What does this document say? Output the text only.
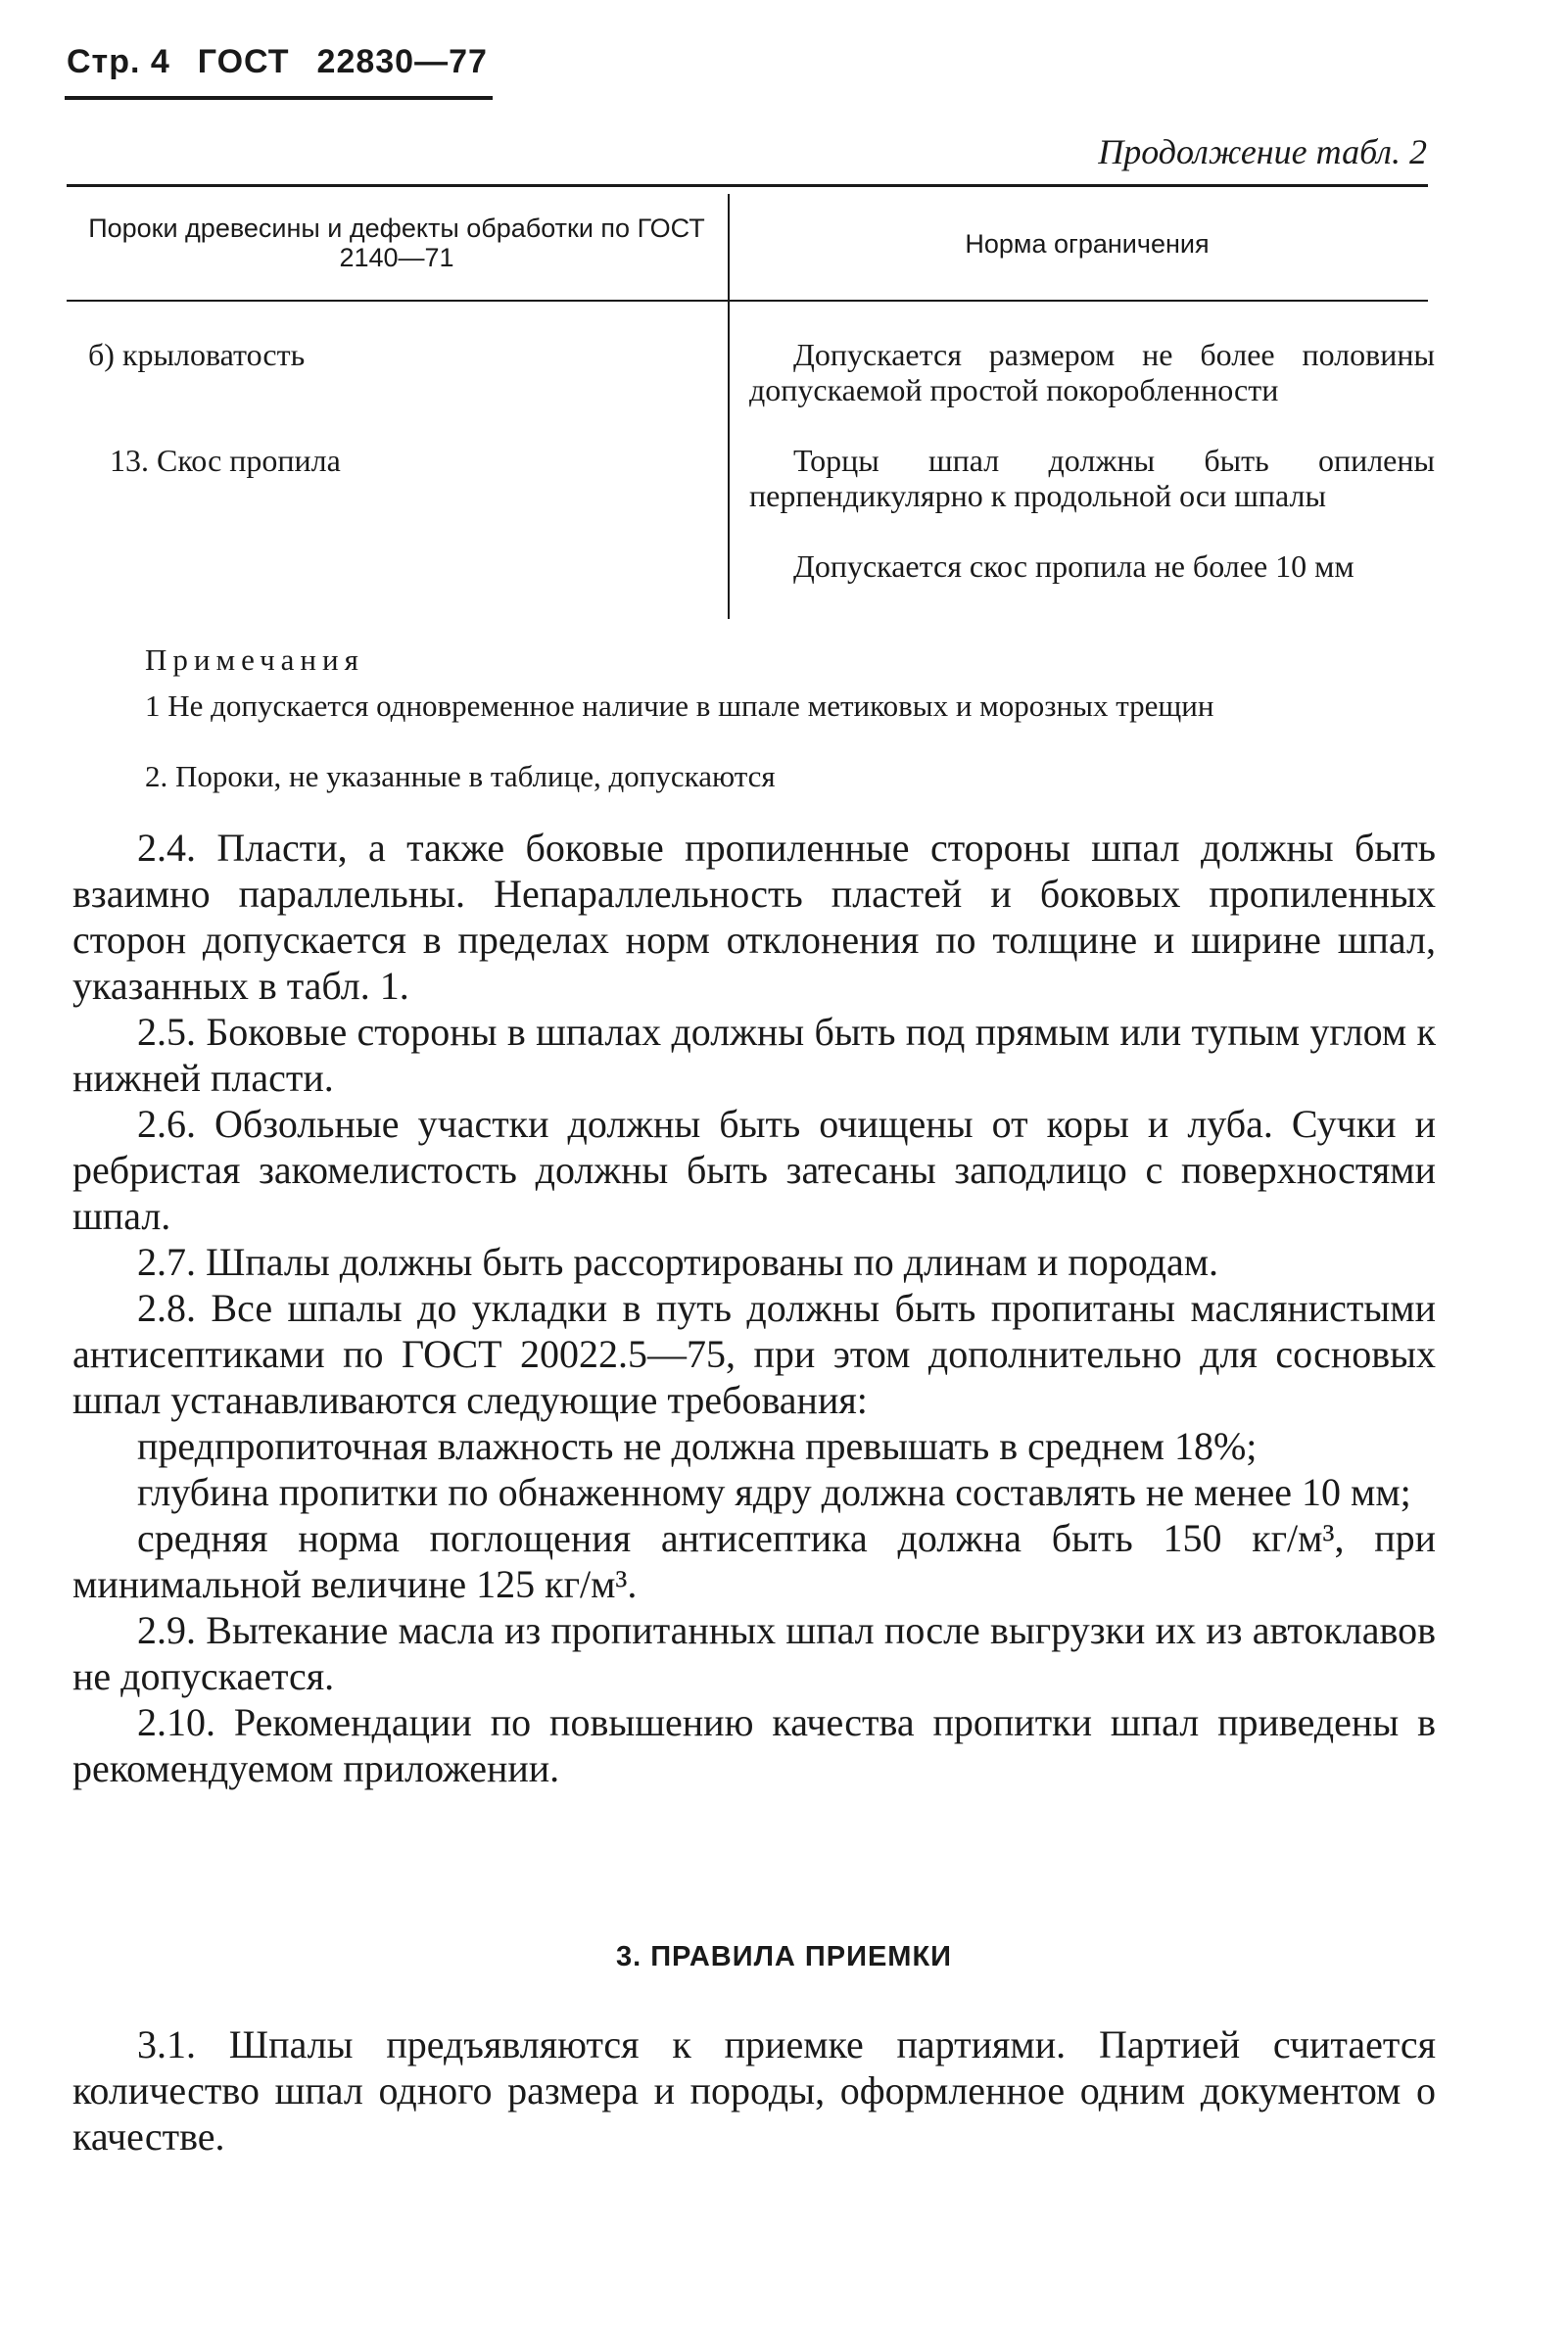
Стр. 4 ГОСТ 22830—77
Продолжение табл. 2
Пороки древесины и дефекты обработки по ГОСТ 2140—71	Норма ограничения
б) крыловатость
13. Скос пропила

Допускается размером не более половины допускаемой простой покоробленности

Торцы шпал должны быть опилены перпендикулярно к продольной оси шпалы

Допускается скос пропила не более 10 мм

Примечания

1 Не допускается одновременное наличие в шпале метиковых и морозных трещин

2. Пороки, не указанные в таблице, допускаются

2.4. Пласти, а также боковые пропиленные стороны шпал должны быть взаимно параллельны. Непараллельность пластей и боковых пропиленных сторон допускается в пределах норм отклонения по толщине и ширине шпал, указанных в табл. 1.

2.5. Боковые стороны в шпалах должны быть под прямым или тупым углом к нижней пласти.

2.6. Обзольные участки должны быть очищены от коры и луба. Сучки и ребристая закомелистость должны быть затесаны заподлицо с поверхностями шпал.

2.7. Шпалы должны быть рассортированы по длинам и породам.

2.8. Все шпалы до укладки в путь должны быть пропитаны маслянистыми антисептиками по ГОСТ 20022.5—75, при этом дополнительно для сосновых шпал устанавливаются следующие требования:

предпропиточная влажность не должна превышать в среднем 18%;

глубина пропитки по обнаженному ядру должна составлять не менее 10 мм;

средняя норма поглощения антисептика должна быть 150 кг/м³, при минимальной величине 125 кг/м³.

2.9. Вытекание масла из пропитанных шпал после выгрузки их из автоклавов не допускается.

2.10. Рекомендации по повышению качества пропитки шпал приведены в рекомендуемом приложении.

3. ПРАВИЛА ПРИЕМКИ

3.1. Шпалы предъявляются к приемке партиями. Партией считается количество шпал одного размера и породы, оформленное одним документом о качестве.
